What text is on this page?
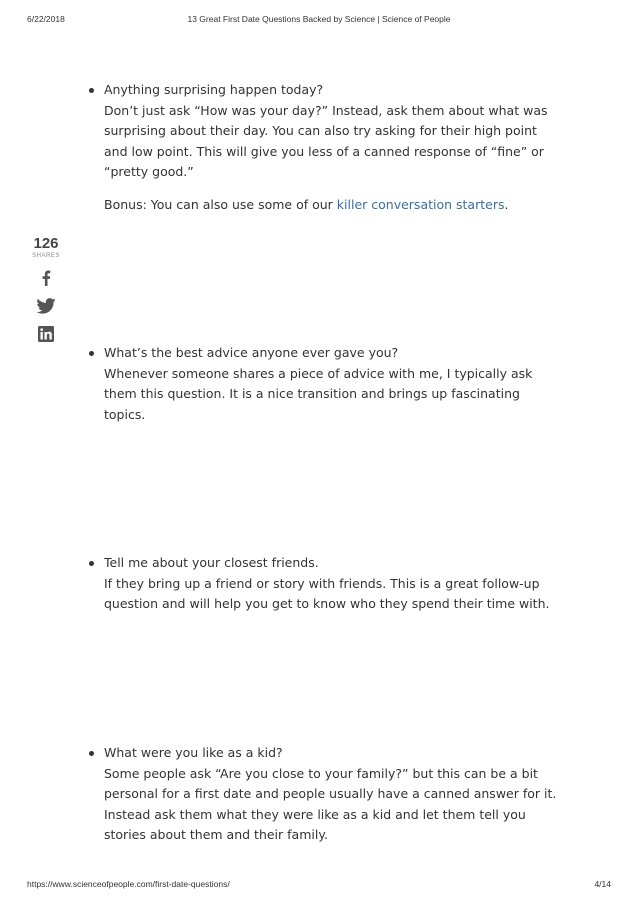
6/22/2018	13 Great First Date Questions Backed by Science | Science of People
126
SHARES

Anything surprising happen today?

Don’t just ask “How was your day?” Instead, ask them about what was

surprising about their day. You can also try asking for their high point

and low point. This will give you less of a canned response of “fine” or

“pretty good.”

Bonus: You can also use some of our killer conversation starters.

What’s the best advice anyone ever gave you?

Whenever someone shares a piece of advice with me, I typically ask

them this question. It is a nice transition and brings up fascinating

topics.

Tell me about your closest friends.

If they bring up a friend or story with friends. This is a great follow-up

question and will help you get to know who they spend their time with.

What were you like as a kid?

Some people ask “Are you close to your family?” but this can be a bit

personal for a first date and people usually have a canned answer for it.

Instead ask them what they were like as a kid and let them tell you

stories about them and their family.

https://www.scienceofpeople.com/first-date-questions/	4/14
